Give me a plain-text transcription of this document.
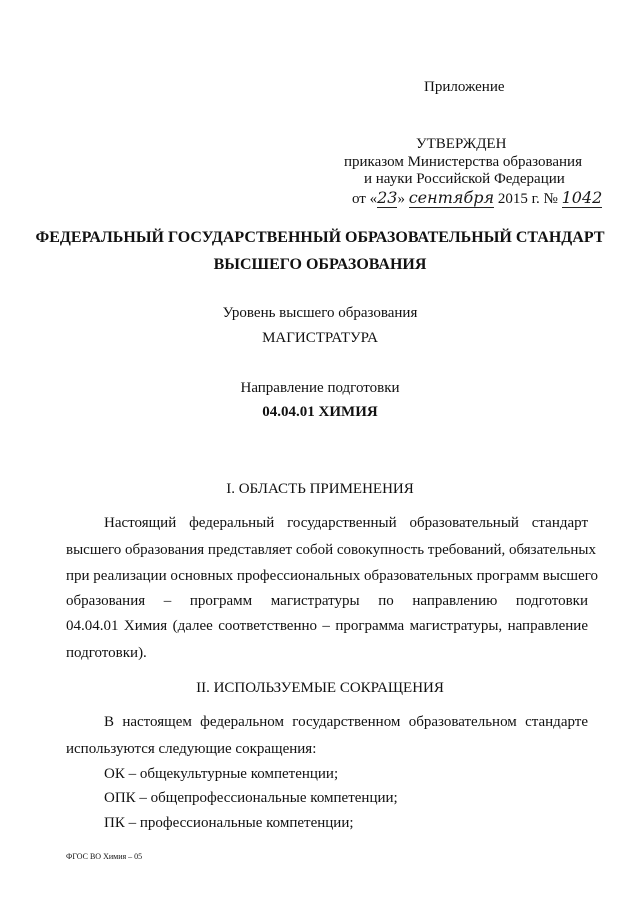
Приложение
УТВЕРЖДЕН
приказом Министерства образования
и науки Российской Федерации
от «23» сентября 2015 г. № 1042
ФЕДЕРАЛЬНЫЙ ГОСУДАРСТВЕННЫЙ ОБРАЗОВАТЕЛЬНЫЙ СТАНДАРТ
ВЫСШЕГО ОБРАЗОВАНИЯ
Уровень высшего образования
МАГИСТРАТУРА
Направление подготовки
04.04.01 ХИМИЯ
I. ОБЛАСТЬ ПРИМЕНЕНИЯ
Настоящий федеральный государственный образовательный стандарт
высшего образования представляет собой совокупность требований, обязательных
при реализации основных профессиональных образовательных программ высшего
образования – программ магистратуры по направлению подготовки
04.04.01 Химия (далее соответственно – программа магистратуры, направление
подготовки).
II. ИСПОЛЬЗУЕМЫЕ СОКРАЩЕНИЯ
В настоящем федеральном государственном образовательном стандарте
используются следующие сокращения:
ОК – общекультурные компетенции;
ОПК – общепрофессиональные компетенции;
ПК – профессиональные компетенции;
ФГОС ВО Химия – 05
